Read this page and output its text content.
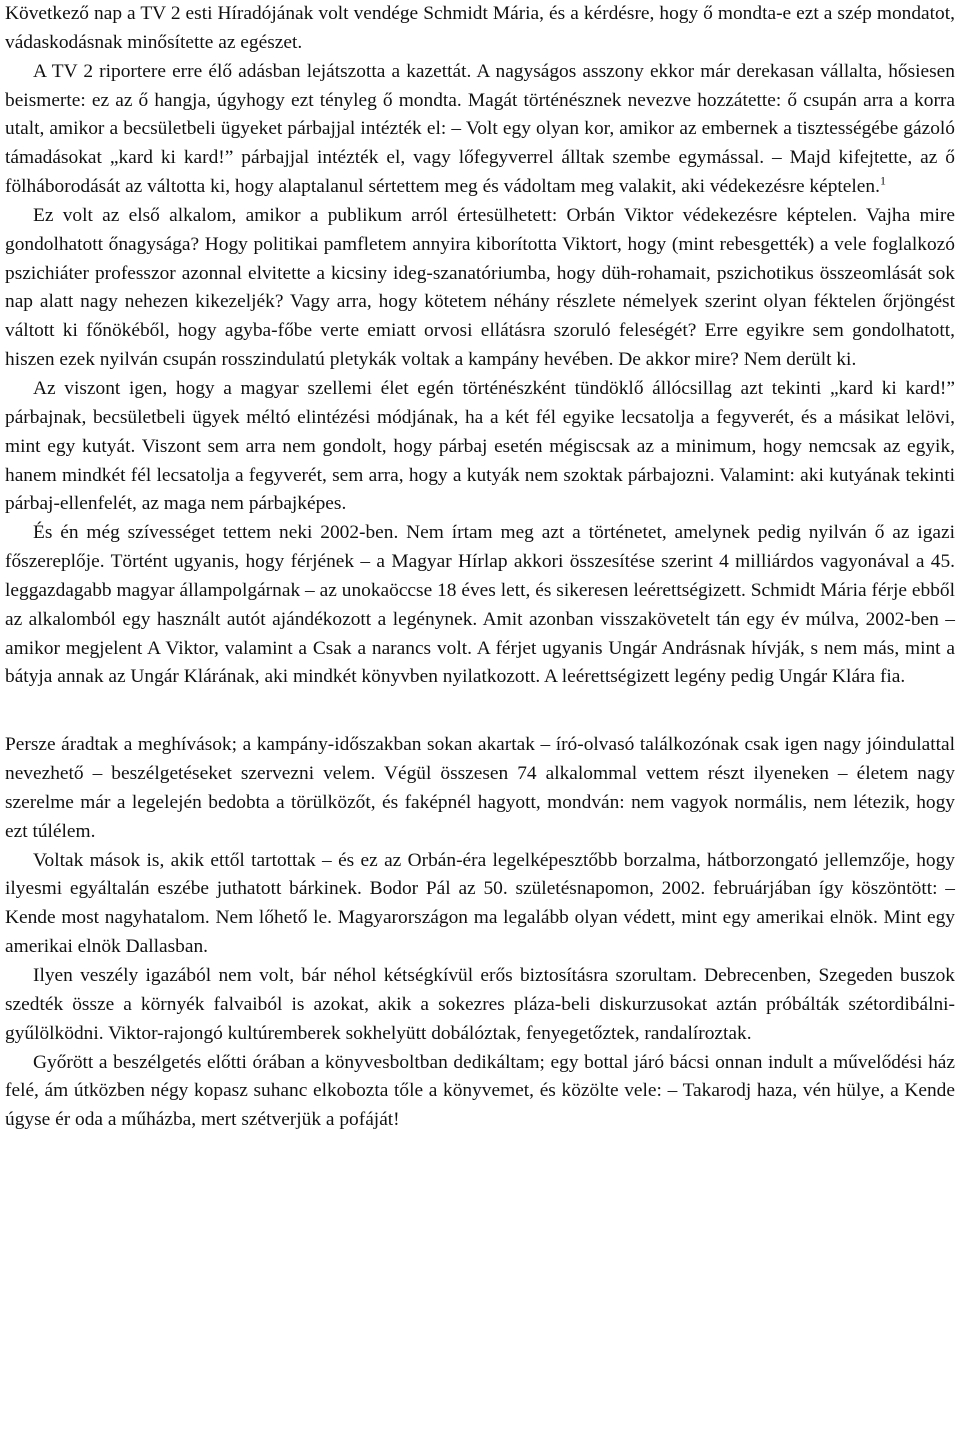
Következő nap a TV 2 esti Híradójának volt vendége Schmidt Mária, és a kérdésre, hogy ő mondta-e ezt a szép mondatot, vádaskodásnak minősítette az egészet.

A TV 2 riportere erre élő adásban lejátszotta a kazettát. A nagyságos asszony ekkor már derekasan vállalta, hősiesen beismerte: ez az ő hangja, úgyhogy ezt tényleg ő mondta. Magát történésznek nevezve hozzátette: ő csupán arra a korra utalt, amikor a becsületbeli ügyeket párbajjal intézték el: – Volt egy olyan kor, amikor az embernek a tisztességébe gázoló támadásokat „kard ki kard!” párbajjal intézték el, vagy lőfegyverrel álltak szembe egymással. – Majd kifejtette, az ő fölháborodását az váltotta ki, hogy alaptalanul sértettem meg és vádoltam meg valakit, aki védekezésre képtelen.$^1$

Ez volt az első alkalom, amikor a publikum arról értesülhetett: Orbán Viktor védekezésre képtelen. Vajha mire gondolhatott őnagysága? Hogy politikai pamfletem annyira kiborította Viktort, hogy (mint rebesgették) a vele foglalkozó pszichiáter professzor azonnal elvitette a kicsiny ideg-szanatóriumba, hogy düh-rohamait, pszichotikus összeomlását sok nap alatt nagy nehezen kikezelјék? Vagy arra, hogy kötetem néhány részlete némelyek szerint olyan féktelen őrjöngést váltott ki főnökéből, hogy agyba-főbe verte emiatt orvosi ellátásra szoruló feleségét? Erre egyikre sem gondolhatott, hiszen ezek nyilván csupán rosszindulatú pletykák voltak a kampány hevében. De akkor mire? Nem derült ki.

Az viszont igen, hogy a magyar szellemi élet egén történészként tündöklő állócsillag azt tekinti „kard ki kard!” párbajnak, becsületbeli ügyek méltó elintézési módjának, ha a két fél egyike lecsatolja a fegyverét, és a másikat lelövi, mint egy kutyát. Viszont sem arra nem gondolt, hogy párbaj esetén mégiscsak az a minimum, hogy nemcsak az egyik, hanem mindkét fél lecsatolja a fegyverét, sem arra, hogy a kutyák nem szoktak párbajozni. Valamint: aki kutyának tekinti párbaj-ellenfelét, az maga nem párbajképes.

És én még szívességet tettem neki 2002-ben. Nem írtam meg azt a történetet, amelynek pedig nyilván ő az igazi főszereplője. Történt ugyanis, hogy férjének – a Magyar Hírlap akkori összesítése szerint 4 milliárdos vagyonával a 45. leggazdagabb magyar állampolgárnak – az unokaöccse 18 éves lett, és sikeresen leérettségizett. Schmidt Mária férje ebből az alkalomból egy használt autót ajándékozott a legénynek. Amit azonban visszakövetelt tán egy év múlva, 2002-ben – amikor megjelent A Viktor, valamint a Csak a narancs volt. A férjet ugyanis Ungár Andrásnak hívják, s nem más, mint a bátyja annak az Ungár Klárának, aki mindkét könyvben nyilatkozott. A leérettségizett legény pedig Ungár Klára fia.

Persze áradtak a meghívások; a kampány-időszakban sokan akartak – író-olvasó találkozónak csak igen nagy jóindulattal nevezhető – beszélgetéseket szervezni velem. Végül összesen 74 alkalommal vettem részt ilyeneken – életem nagy szerelme már a legelején bedobta a törülközőt, és faképnél hagyott, mondván: nem vagyok normális, nem létezik, hogy ezt túlélem.

Voltak mások is, akik ettől tartottak – és ez az Orbán-éra legelképesztőbb borzalma, hátborzongató jellemzője, hogy ilyesmi egyáltalán eszébe juthatott bárkinek. Bodor Pál az 50. születésnapomon, 2002. februárjában így köszöntött: – Kende most nagyhatalom. Nem lőhető le. Magyarországon ma legalább olyan védett, mint egy amerikai elnök. Mint egy amerikai elnök Dallasban.

Ilyen veszély igazából nem volt, bár néhol kétségkívül erős biztosításra szorultam. Debrecenben, Szegeden buszok szedték össze a környék falvaiból is azokat, akik a sokezres pláza-beli diskurzusokat aztán próbálták szétordibálni-gyűlölködni. Viktor-rajongó kultúremberek sokhelyütt dobálóztak, fenyegetőztek, randalíroztak.

Győrött a beszélgetés előtti órában a könyvesboltban dedikáltam; egy bottal járó bácsi onnan indult a művelődési ház felé, ám útközben négy kopasz suhanc elkobozta tőle a könyvemet, és közölte vele: – Takarodj haza, vén hülye, a Kende úgyse ér oda a műházba, mert szétverjük a pofáját!
